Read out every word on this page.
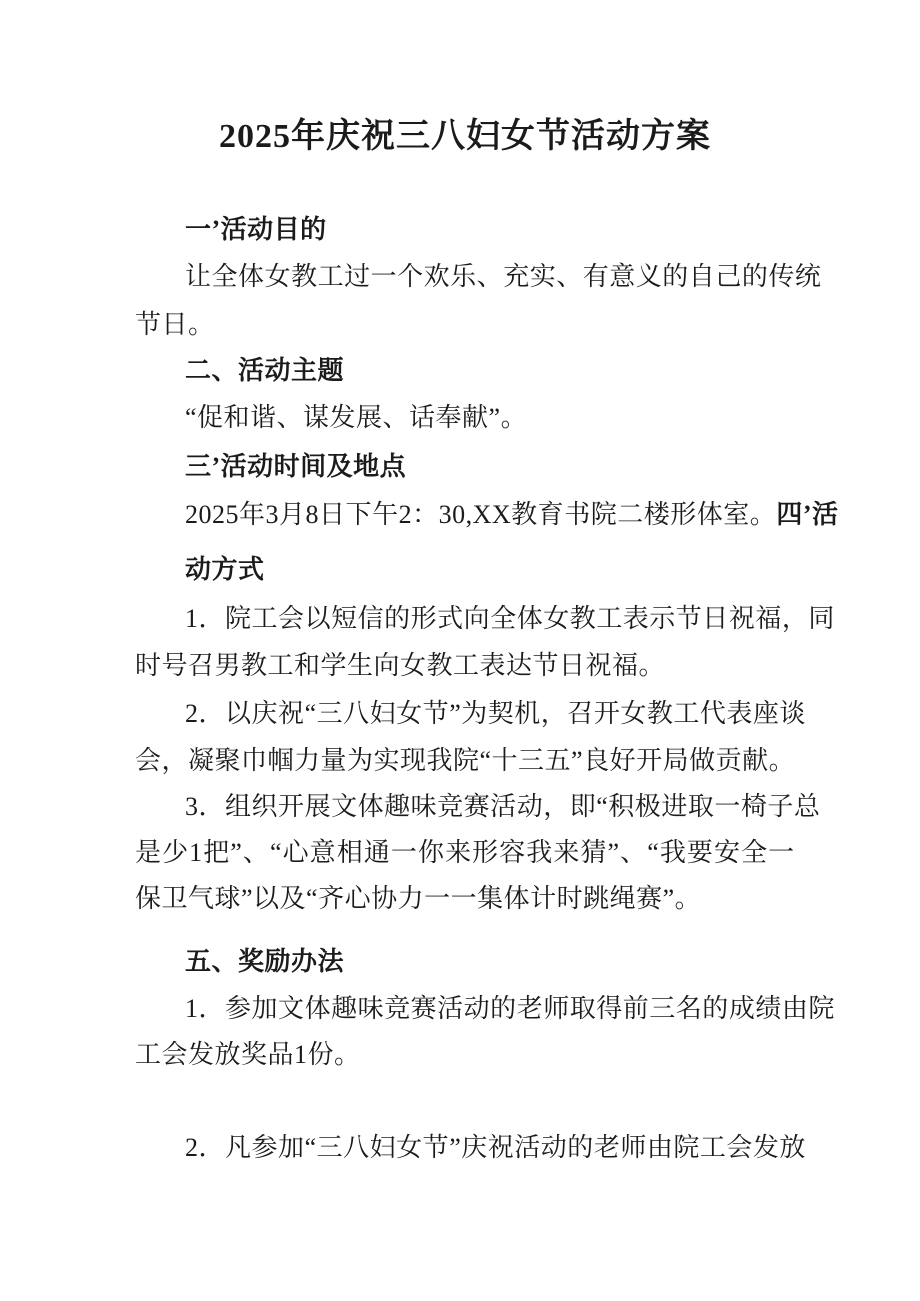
2025年庆祝三八妇女节活动方案
一’活动目的
让 全 体 女 教 工 过 一 个 欢 乐 、 充 实 、 有 意 义 的 自 己 的 传 统
节日。
二、活动主题
“促和谐、谋发展、话奉献”。
三’活动时间及地点
2025 年 3 月 8 日 下 午 2 ： 30,XX 教 育 书 院 二 楼 形 体 室 。 四 ’ 活
动方式
1 ． 院 工 会 以 短 信 的 形 式 向 全 体 女 教 工 表 示 节 日 祝 福 ， 同
时号召男教工和学生向女教工表达节日祝福。
2 ． 以 庆 祝 “ 三 八 妇 女 节 ” 为 契 机 ， 召 开 女 教 工 代 表 座 谈
会，凝聚巾帼力量为实现我院“十三五”良好开局做贡献。
3 ． 组 织 开 展 文 体 趣 味 竞 赛 活 动 ， 即 “ 积 极 进 取 一 椅 子 总
是 少 1 把 ” 、 “ 心 意 相 通 一 你 来 形 容 我 来 猜 ” 、 “ 我 要 安 全 一
保卫气球”以及“齐心协力一一集体计时跳绳赛”。
五、奖励办法
1 ． 参 加 文 体 趣 味 竞 赛 活 动 的 老 师 取 得 前 三 名 的 成 绩 由 院
工会发放奖品1份。
2 ． 凡 参 加 “ 三 八 妇 女 节 ” 庆 祝 活 动 的 老 师 由 院 工 会 发 放
